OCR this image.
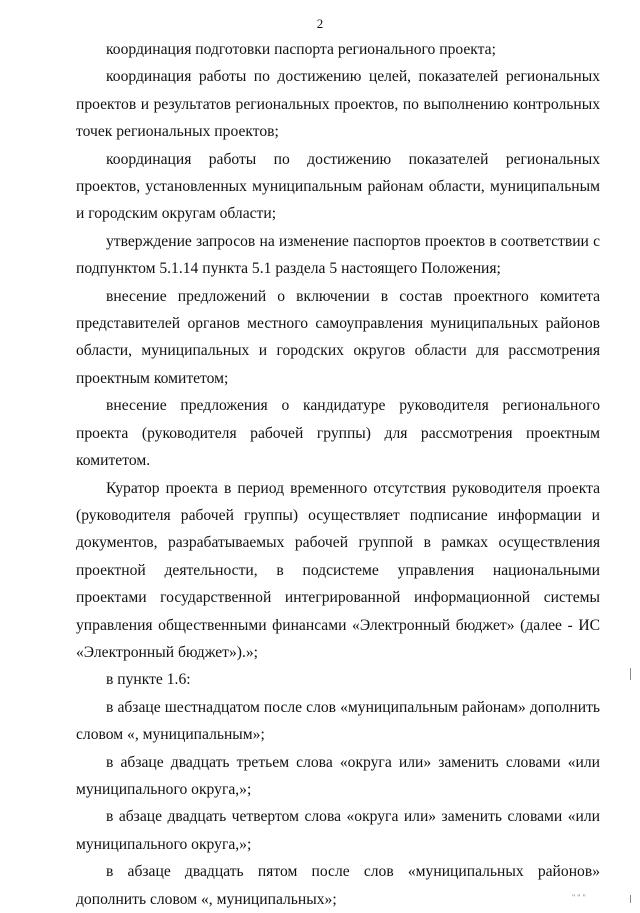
2

координация подготовки паспорта регионального проекта;

координация работы по достижению целей, показателей региональных проектов и результатов региональных проектов, по выполнению контрольных точек региональных проектов;

координация работы по достижению показателей региональных проектов, установленных муниципальным районам области, муниципальным и городским округам области;

утверждение запросов на изменение паспортов проектов в соответствии с подпунктом 5.1.14 пункта 5.1 раздела 5 настоящего Положения;

внесение предложений о включении в состав проектного комитета представителей органов местного самоуправления муниципальных районов области, муниципальных и городских округов области для рассмотрения проектным комитетом;

внесение предложения о кандидатуре руководителя регионального проекта (руководителя рабочей группы) для рассмотрения проектным комитетом.

Куратор проекта в период временного отсутствия руководителя проекта (руководителя рабочей группы) осуществляет подписание информации и документов, разрабатываемых рабочей группой в рамках осуществления проектной деятельности, в подсистеме управления национальными проектами государственной интегрированной информационной системы управления общественными финансами «Электронный бюджет» (далее - ИС «Электронный бюджет»).»;

в пункте 1.6:

в абзаце шестнадцатом после слов «муниципальным районам» дополнить словом «, муниципальным»;

в абзаце двадцать третьем слова «округа или» заменить словами «или муниципального округа,»;

в абзаце двадцать четвертом слова «округа или» заменить словами «или муниципального округа,»;

в абзаце двадцать пятом после слов «муниципальных районов» дополнить словом «, муниципальных»;	"""
